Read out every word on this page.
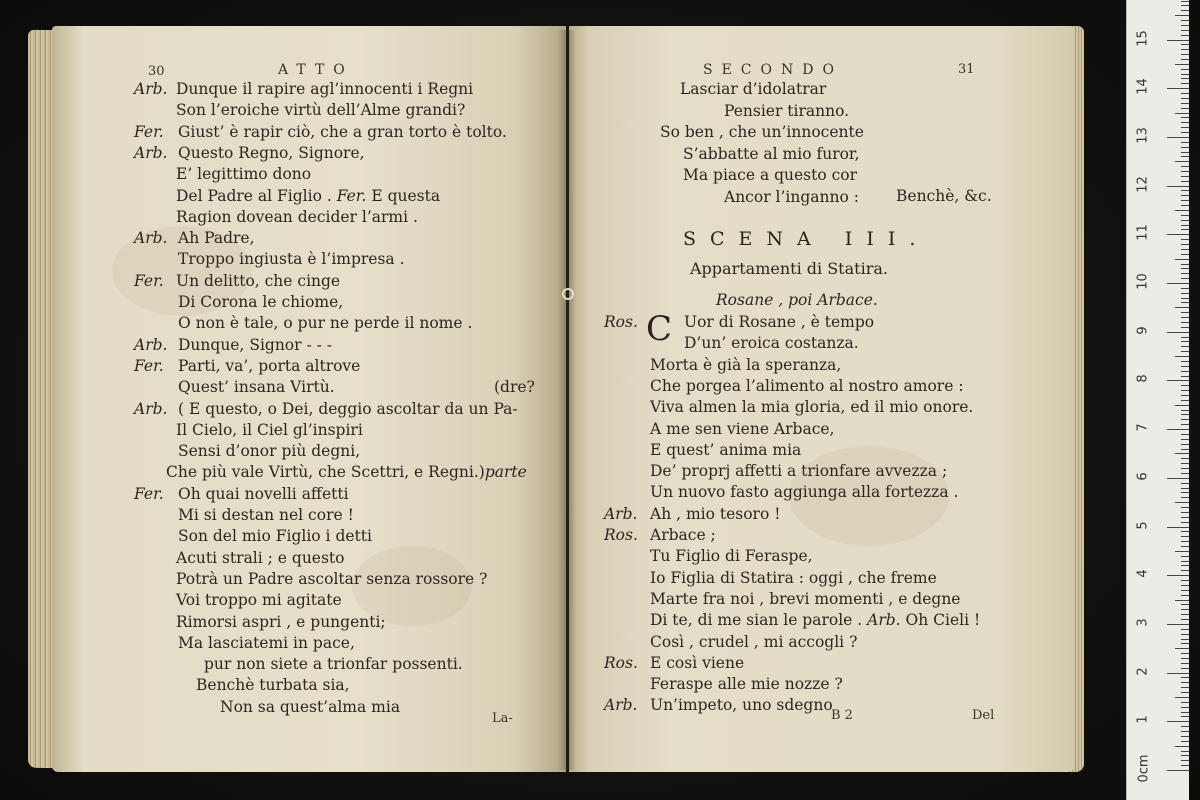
30	ATTO
Arb. Dunque il rapire agl’innocenti i Regni
Son l’eroiche virtù dell’Alme grandi?
Fer. Giust’ è rapir ciò, che a gran torto è tolto.
Arb. Questo Regno, Signore,
E’ legittimo dono
Del Padre al Figlio . Fer. E questa
Ragion dovean decider l’armi .
Arb. Ah Padre,
Troppo ingiusta è l’impresa .
Fer. Un delitto, che cinge
Di Corona le chiome,
O non è tale, o pur ne perde il nome .
Arb. Dunque, Signor - - -
Fer. Parti, va’, porta altrove
Quest’ insana Virtù.	(dre?
Arb. ( E questo, o Dei, deggio ascoltar da un Pa-
Il Cielo, il Ciel gl’inspiri
Sensi d’onor più degni,
Che più vale Virtù, che Scettri, e Regni.)parte
Fer. Oh quai novelli affetti
Mi si destan nel core !
Son del mio Figlio i detti
Acuti strali ; e questo
Potrà un Padre ascoltar senza rossore ?
Voi troppo mi agitate
Rimorsi aspri , e pungenti;
Ma lasciatemi in pace,
pur non siete a trionfar possenti.
Benchè turbata sia,
Non sa quest’alma mia
La-
SECONDO	31
Lasciar d’idolatrar
Pensier tiranno.
So ben , che un’innocente
S’abbatte al mio furor,
Ma piace a questo cor
Ancor l’inganno : Benchè, &c.
SCENA III.
Appartamenti di Statira.
Rosane , poi Arbace.
C
Ros.	Uor di Rosane , è tempo
D’un’ eroica costanza.
Morta è già la speranza,
Che porgea l’alimento al nostro amore :
Viva almen la mia gloria, ed il mio onore.
A me sen viene Arbace,
E quest’ anima mia
De’ proprj affetti a trionfare avvezza ;
Un nuovo fasto aggiunga alla fortezza .
Arb. Ah , mio tesoro !
Ros. Arbace ;
Tu Figlio di Feraspe,
Io Figlia di Statira : oggi , che freme
Marte fra noi , brevi momenti , e degne
Di te, di me sian le parole . Arb. Oh Cieli !
Così , crudel , mi accogli ?
Ros. E così viene
Feraspe alle mie nozze ?
Arb. Un’impeto, uno sdegno
B 2	Del
0cm
1
2
3
4
5
6
7
8
9
10
11
12
13
14
15
